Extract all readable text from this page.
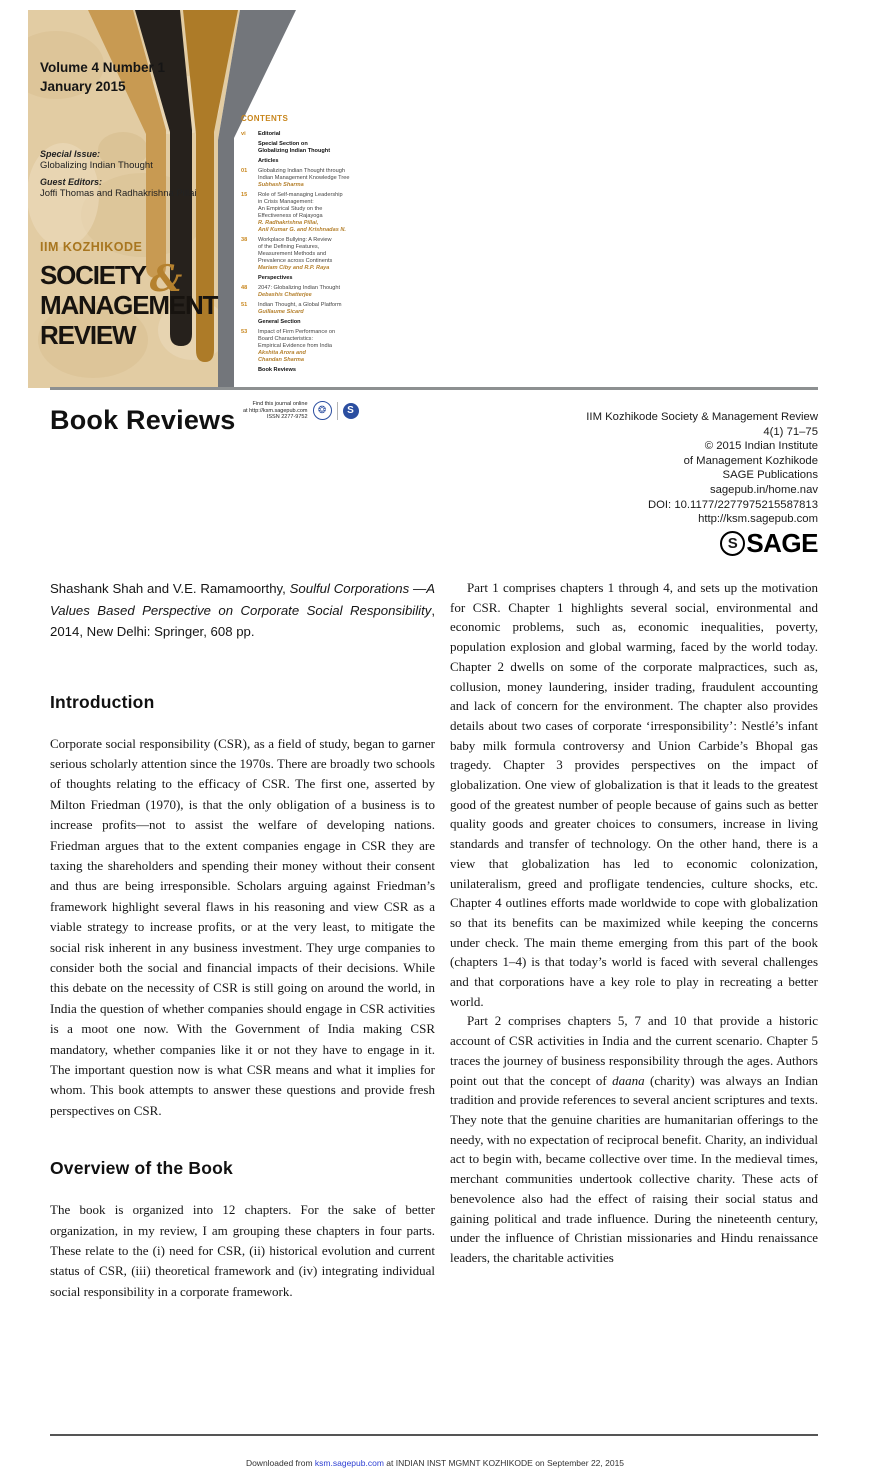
Volume 4 Number 1
January 2015
Special Issue:
Globalizing Indian Thought
Guest Editors:
Joffi Thomas and Radhakrishna Pillai
IIM KOZHIKODE
SOCIETY &
MANAGEMENT
REVIEW
CONTENTS
vi	Editorial
Special Section on
Globalizing Indian Thought
Articles
01	Globalizing Indian Thought through
Indian Management Knowledge Tree
Subhash Sharma
15	Role of Self-managing Leadership
in Crisis Management:
An Empirical Study on the
Effectiveness of Rajayoga
R. Radhakrishna Pillai,
Anil Kumar G. and Krishnadas N.
38	Workplace Bullying: A Review
of the Defining Features,
Measurement Methods and
Prevalence across Continents
Mariam Ciby and R.P. Raya
Perspectives
48	2047: Globalizing Indian Thought
Debashis Chatterjee
51	Indian Thought, a Global Platform
Guillaume Sicard
General Section
53	Impact of Firm Performance on
Board Characteristics:
Empirical Evidence from India
Akshita Arora and
Chandan Sharma
Book Reviews
Book Reviews
Find this journal online
at http://ksm.sagepub.com
ISSN 2277-9752
❂	S
IIM Kozhikode Society & Management Review
4(1) 71–75
© 2015 Indian Institute
of Management Kozhikode
SAGE Publications
sagepub.in/home.nav
DOI: 10.1177/2277975215587813
http://ksm.sagepub.com
S SAGE
Shashank Shah and V.E. Ramamoorthy, Soulful Corporations —A Values Based Perspective on Corporate Social Responsibility, 2014, New Delhi: Springer, 608 pp.
Introduction

Corporate social responsibility (CSR), as a field of study, began to garner serious scholarly attention since the 1970s. There are broadly two schools of thoughts relating to the efficacy of CSR. The first one, asserted by Milton Friedman (1970), is that the only obligation of a business is to increase profits—not to assist the welfare of developing nations. Friedman argues that to the extent companies engage in CSR they are taxing the shareholders and spending their money without their consent and thus are being irresponsible. Scholars arguing against Friedman’s framework highlight several flaws in his reasoning and view CSR as a viable strategy to increase profits, or at the very least, to mitigate the social risk inherent in any business investment. They urge companies to consider both the social and financial impacts of their decisions. While this debate on the necessity of CSR is still going on around the world, in India the question of whether companies should engage in CSR activities is a moot one now. With the Government of India making CSR mandatory, whether companies like it or not they have to engage in it. The important question now is what CSR means and what it implies for whom. This book attempts to answer these questions and provide fresh perspectives on CSR.

Overview of the Book

The book is organized into 12 chapters. For the sake of better organization, in my review, I am grouping these chapters in four parts. These relate to the (i) need for CSR, (ii) historical evolution and current status of CSR, (iii) theoretical framework and (iv) integrating individual social responsibility in a corporate framework.

Part 1 comprises chapters 1 through 4, and sets up the motivation for CSR. Chapter 1 highlights several social, environmental and economic problems, such as, economic inequalities, poverty, population explosion and global warming, faced by the world today. Chapter 2 dwells on some of the corporate malpractices, such as, collusion, money laundering, insider trading, fraudulent accounting and lack of concern for the environment. The chapter also provides details about two cases of corporate ‘irresponsibility’: Nestlé’s infant baby milk formula controversy and Union Carbide’s Bhopal gas tragedy. Chapter 3 provides perspectives on the impact of globalization. One view of globalization is that it leads to the greatest good of the greatest number of people because of gains such as better quality goods and greater choices to consumers, increase in living standards and transfer of technology. On the other hand, there is a view that globalization has led to economic colonization, unilateralism, greed and profligate tendencies, culture shocks, etc. Chapter 4 outlines efforts made worldwide to cope with globalization so that its benefits can be maximized while keeping the concerns under check. The main theme emerging from this part of the book (chapters 1–4) is that today’s world is faced with several challenges and that corporations have a key role to play in recreating a better world.

Part 2 comprises chapters 5, 7 and 10 that provide a historic account of CSR activities in India and the current scenario. Chapter 5 traces the journey of business responsibility through the ages. Authors point out that the concept of daana (charity) was always an Indian tradition and provide references to several ancient scriptures and texts. They note that the genuine charities are humanitarian offerings to the needy, with no expectation of reciprocal benefit. Charity, an individual act to begin with, became collective over time. In the medieval times, merchant communities undertook collective charity. These acts of benevolence also had the effect of raising their social status and gaining political and trade influence. During the nineteenth century, under the influence of Christian missionaries and Hindu renaissance leaders, the charitable activities

Downloaded from ksm.sagepub.com at INDIAN INST MGMNT KOZHIKODE on September 22, 2015
